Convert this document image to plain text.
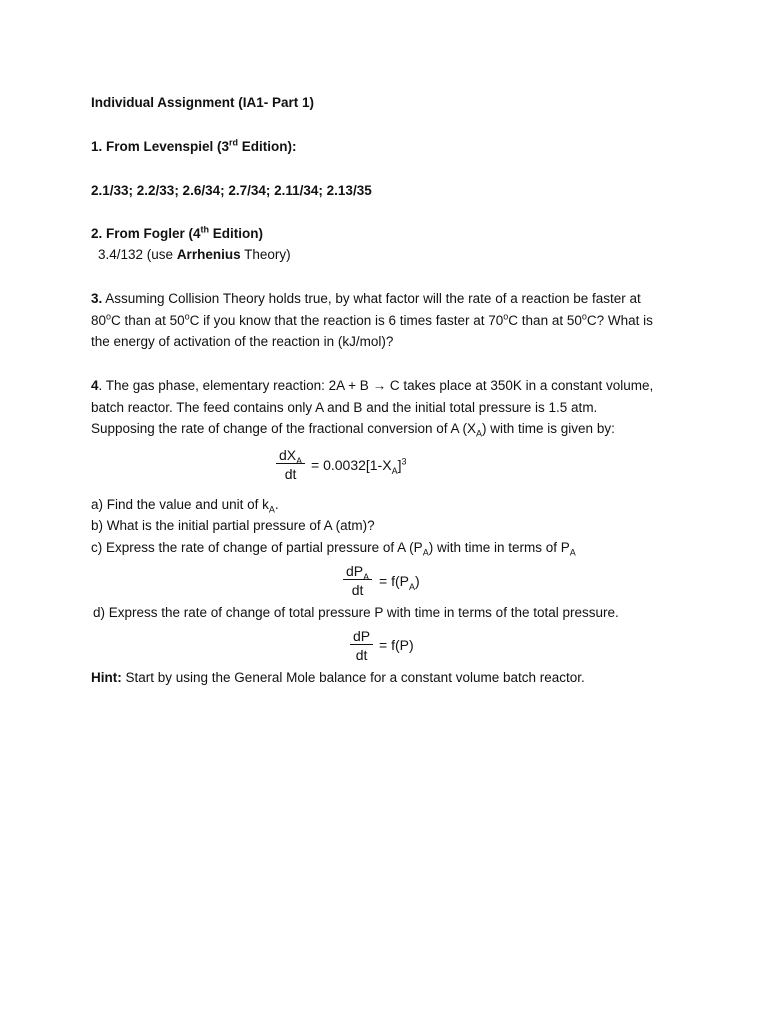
Individual Assignment (IA1- Part 1)
1. From Levenspiel (3rd Edition):
2.1/33; 2.2/33; 2.6/34; 2.7/34; 2.11/34; 2.13/35
2. From Fogler (4th Edition)
3.4/132 (use Arrhenius Theory)
3. Assuming Collision Theory holds true, by what factor will the rate of a reaction be faster at
80$^o$C than at 50$^o$C if you know that the reaction is 6 times faster at 70$^o$C than at 50$^o$C? What is
the energy of activation of the reaction in (kJ/mol)?
4. The gas phase, elementary reaction: 2A + B → C takes place at 350K in a constant volume,
batch reactor. The feed contains only A and B and the initial total pressure is 1.5 atm.
Supposing the rate of change of the fractional conversion of A $(X_A)$ with time is given by:
$dX_A$
dt
= $0.0032[1-X_A]^3$
a) Find the value and unit of $k_A$.
b) What is the initial partial pressure of A (atm)?
c) Express the rate of change of partial pressure of A $(P_A)$ with time in terms of $P_A$
$dP_A$
dt
= $f(P_A)$
d) Express the rate of change of total pressure P with time in terms of the total pressure.
dP
dt
= f(P)
Hint: Start by using the General Mole balance for a constant volume batch reactor.
